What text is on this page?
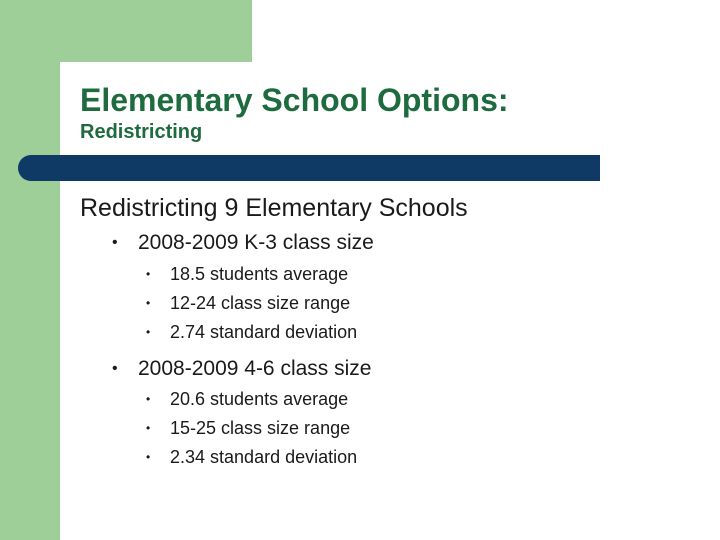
Elementary School Options:
Redistricting

Redistricting 9 Elementary Schools

• 2008-2009 K-3 class size
• 18.5 students average
• 12-24 class size range
• 2.74 standard deviation
• 2008-2009 4-6 class size
• 20.6 students average
• 15-25 class size range
• 2.34 standard deviation
